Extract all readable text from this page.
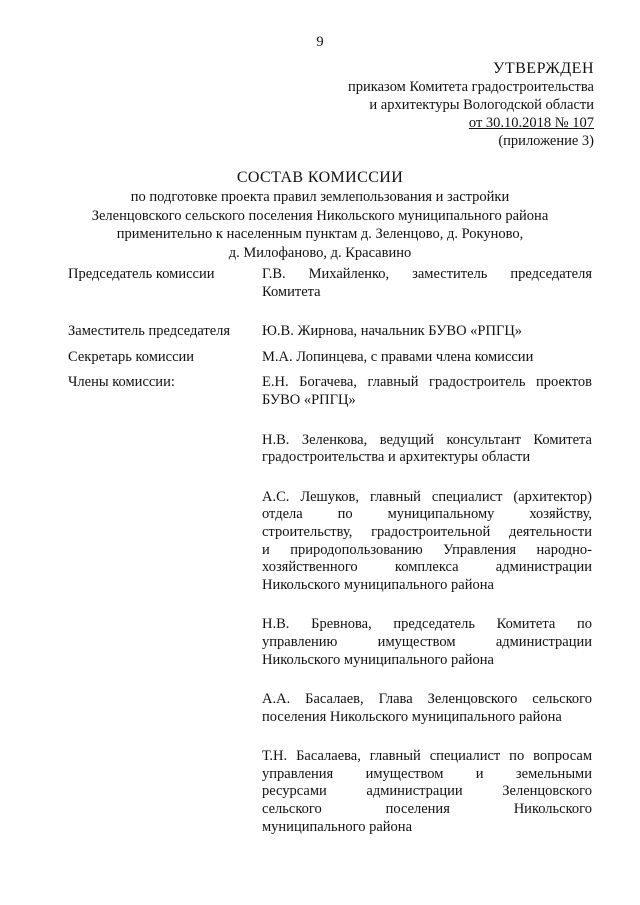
9
УТВЕРЖДЕН
приказом Комитета градостроительства
и архитектуры Вологодской области
от 30.10.2018 № 107
(приложение 3)
СОСТАВ КОМИССИИ
по подготовке проекта правил землепользования и застройки
Зеленцовского сельского поселения Никольского муниципального района
применительно к населенным пунктам д. Зеленцово, д. Рокуново,
д. Милофаново, д. Красавино
Председатель комиссии	Г.В. Михайленко, заместитель председателя
Комитета
Заместитель председателя	Ю.В. Жирнова, начальник БУВО «РПГЦ»
Секретарь комиссии	М.А. Лопинцева, с правами члена комиссии
Члены комиссии:	Е.Н. Богачева, главный градостроитель проектов
БУВО «РПГЦ»
Н.В. Зеленкова, ведущий консультант Комитета
градостроительства и архитектуры области
А.С. Лешуков, главный специалист (архитектор)
отдела по муниципальному хозяйству,
строительству, градостроительной деятельности
и природопользованию Управления народно-
хозяйственного комплекса администрации
Никольского муниципального района
Н.В. Бревнова, председатель Комитета по
управлению имуществом администрации
Никольского муниципального района
А.А. Басалаев, Глава Зеленцовского сельского
поселения Никольского муниципального района
Т.Н. Басалаева, главный специалист по вопросам
управления имуществом и земельными
ресурсами администрации Зеленцовского
сельского поселения Никольского
муниципального района
